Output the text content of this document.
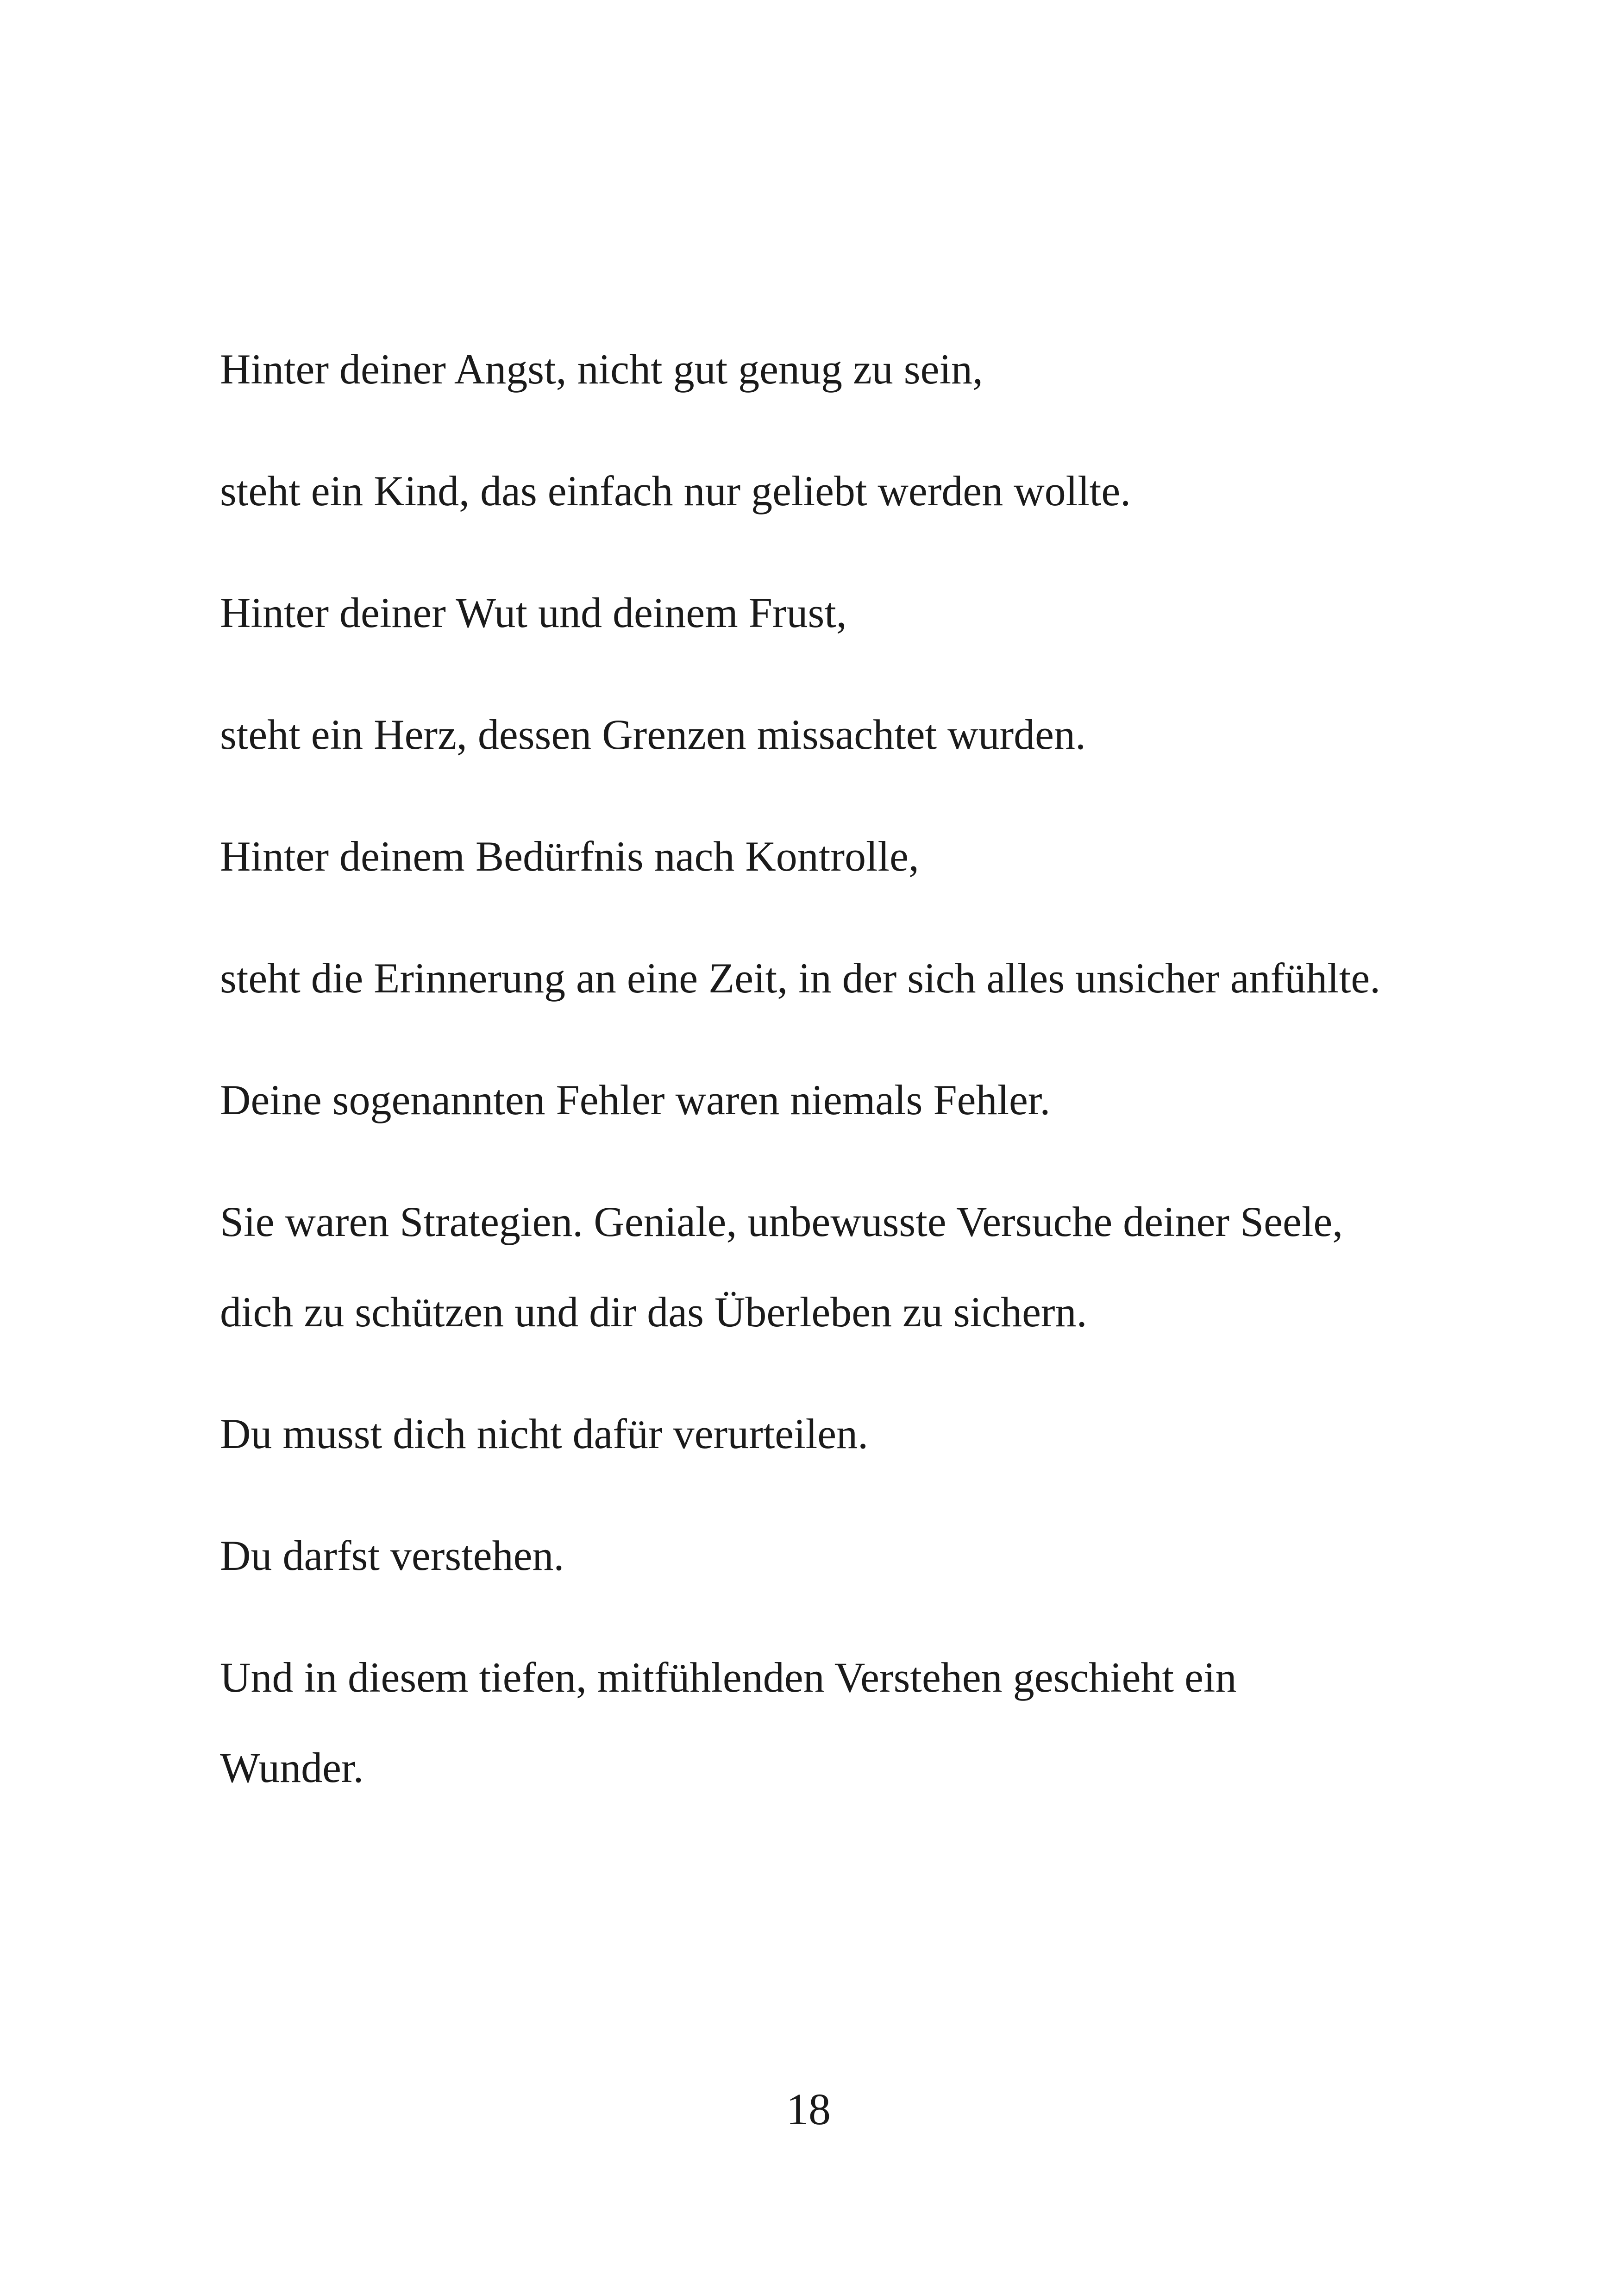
Hinter deiner Angst, nicht gut genug zu sein,

steht ein Kind, das einfach nur geliebt werden wollte.

Hinter deiner Wut und deinem Frust,

steht ein Herz, dessen Grenzen missachtet wurden.

Hinter deinem Bedürfnis nach Kontrolle,

steht die Erinnerung an eine Zeit, in der sich alles unsicher anfühlte.

Deine sogenannten Fehler waren niemals Fehler.

Sie waren Strategien. Geniale, unbewusste Versuche deiner Seele, dich zu schützen und dir das Überleben zu sichern.

Du musst dich nicht dafür verurteilen.

Du darfst verstehen.

Und in diesem tiefen, mitfühlenden Verstehen geschieht ein Wunder.

18
